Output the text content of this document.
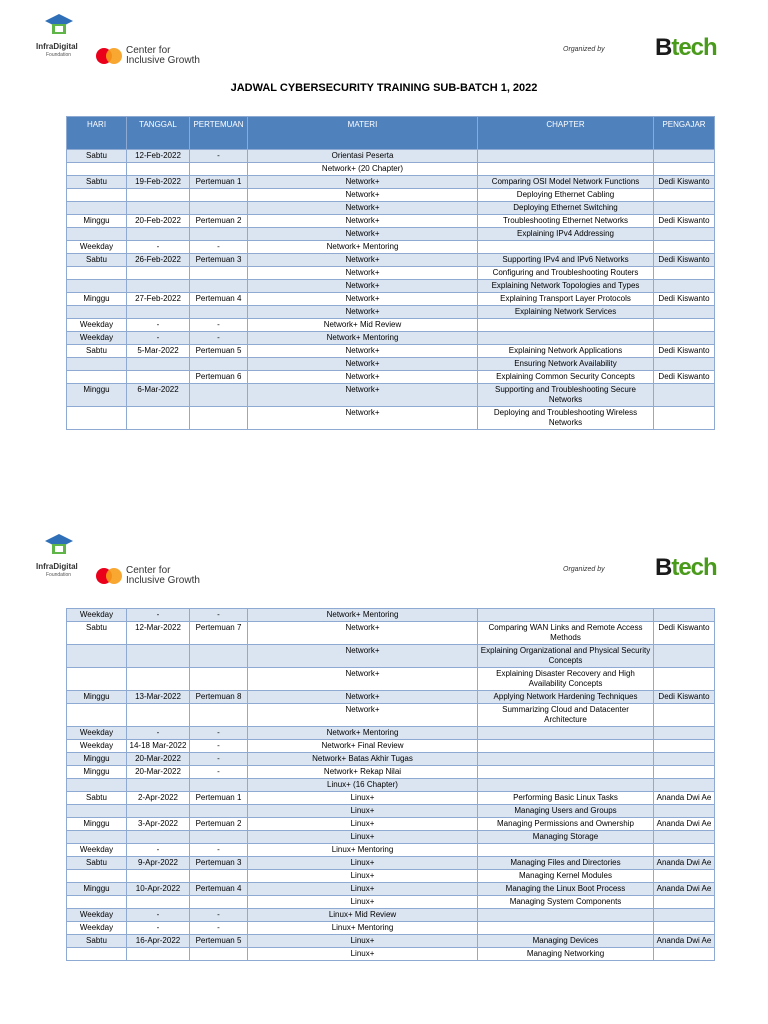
InfraDigital
Foundation	Center for
Inclusive Growth
Organized by Btech
JADWAL CYBERSECURITY TRAINING SUB-BATCH 1, 2022
HARI	TANGGAL	PERTEMUAN	MATERI	CHAPTER	PENGAJAR
Sabtu	12-Feb-2022	-	Orientasi Peserta		
			Network+ (20 Chapter)		
Sabtu	19-Feb-2022	Pertemuan 1	Network+	Comparing OSI Model Network Functions	Dedi Kiswanto
			Network+	Deploying Ethernet Cabling	
			Network+	Deploying Ethernet Switching	
Minggu	20-Feb-2022	Pertemuan 2	Network+	Troubleshooting Ethernet Networks	Dedi Kiswanto
			Network+	Explaining IPv4 Addressing	
Weekday	-	-	Network+ Mentoring		
Sabtu	26-Feb-2022	Pertemuan 3	Network+	Supporting IPv4 and IPv6 Networks	Dedi Kiswanto
			Network+	Configuring and Troubleshooting Routers	
			Network+	Explaining Network Topologies and Types	
Minggu	27-Feb-2022	Pertemuan 4	Network+	Explaining Transport Layer Protocols	Dedi Kiswanto
			Network+	Explaining Network Services	
Weekday	-	-	Network+ Mid Review		
Weekday	-	-	Network+ Mentoring		
Sabtu	5-Mar-2022	Pertemuan 5	Network+	Explaining Network Applications	Dedi Kiswanto
			Network+	Ensuring Network Availability	
		Pertemuan 6	Network+	Explaining Common Security Concepts	Dedi Kiswanto
Minggu	6-Mar-2022		Network+	Supporting and Troubleshooting Secure Networks	
			Network+	Deploying and Troubleshooting Wireless Networks	
InfraDigital
Foundation	Center for
Inclusive Growth
Organized by Btech
Weekday	-	-	Network+ Mentoring		
Sabtu	12-Mar-2022	Pertemuan 7	Network+	Comparing WAN Links and Remote Access Methods	Dedi Kiswanto
			Network+	Explaining Organizational and Physical Security Concepts	
			Network+	Explaining Disaster Recovery and High Availability Concepts	
Minggu	13-Mar-2022	Pertemuan 8	Network+	Applying Network Hardening Techniques	Dedi Kiswanto
			Network+	Summarizing Cloud and Datacenter Architecture	
Weekday	-	-	Network+ Mentoring		
Weekday	14-18 Mar-2022	-	Network+ Final Review		
Minggu	20-Mar-2022	-	Network+ Batas Akhir Tugas		
Minggu	20-Mar-2022	-	Network+ Rekap Nilai		
			Linux+ (16 Chapter)		
Sabtu	2-Apr-2022	Pertemuan 1	Linux+	Performing Basic Linux Tasks	Ananda Dwi Ae
			Linux+	Managing Users and Groups	
Minggu	3-Apr-2022	Pertemuan 2	Linux+	Managing Permissions and Ownership	Ananda Dwi Ae
			Linux+	Managing Storage	
Weekday	-	-	Linux+ Mentoring		
Sabtu	9-Apr-2022	Pertemuan 3	Linux+	Managing Files and Directories	Ananda Dwi Ae
			Linux+	Managing Kernel Modules	
Minggu	10-Apr-2022	Pertemuan 4	Linux+	Managing the Linux Boot Process	Ananda Dwi Ae
			Linux+	Managing System Components	
Weekday	-	-	Linux+ Mid Review		
Weekday	-	-	Linux+ Mentoring		
Sabtu	16-Apr-2022	Pertemuan 5	Linux+	Managing Devices	Ananda Dwi Ae
			Linux+	Managing Networking	
